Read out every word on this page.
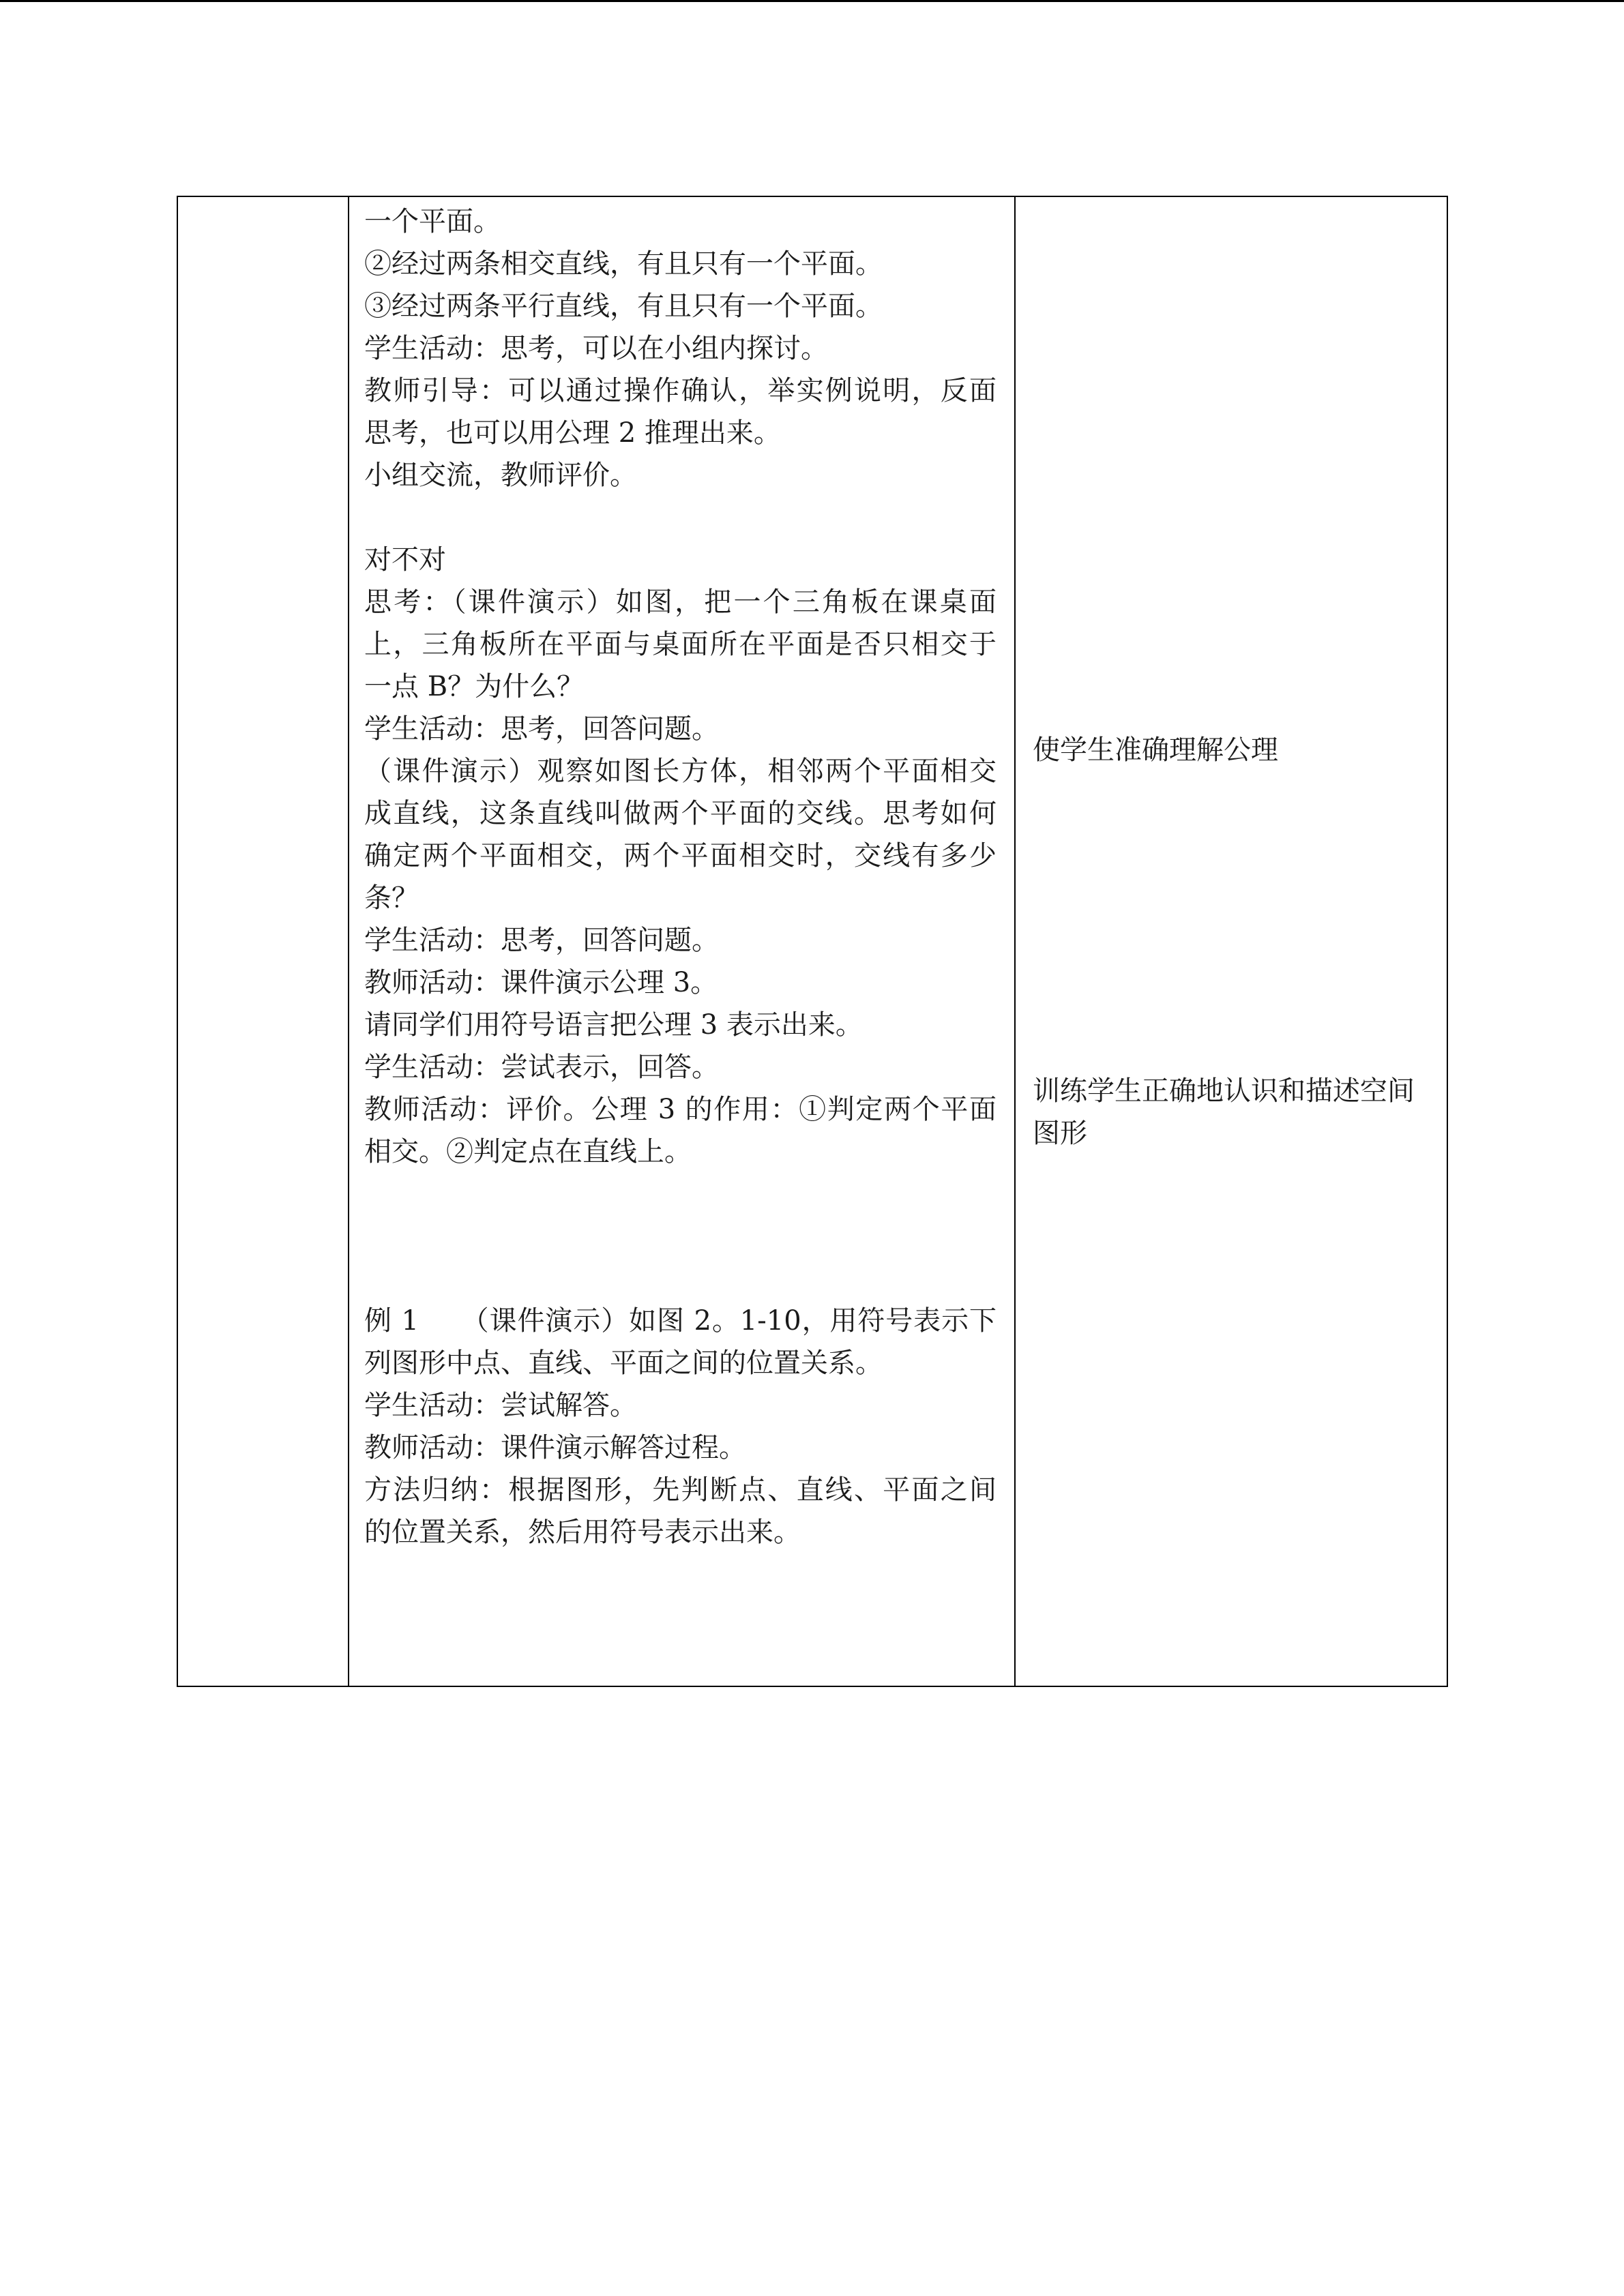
一个平面。
②经过两条相交直线，有且只有一个平面。
③经过两条平行直线，有且只有一个平面。
学生活动：思考，可以在小组内探讨。
教师引导：可以通过操作确认，举实例说明，反面
思考，也可以用公理 2 推理出来。
小组交流，教师评价。
对不对
思考：（课件演示）如图，把一个三角板在课桌面
上，三角板所在平面与桌面所在平面是否只相交于
一点 B？为什么？
学生活动：思考，回答问题。
（课件演示）观察如图长方体，相邻两个平面相交
成直线，这条直线叫做两个平面的交线。思考如何
确定两个平面相交，两个平面相交时，交线有多少
条？
学生活动：思考，回答问题。
教师活动：课件演示公理 3。
请同学们用符号语言把公理 3 表示出来。
学生活动：尝试表示，回答。
教师活动：评价。公理 3 的作用：①判定两个平面
相交。②判定点在直线上。
例 1　　（课件演示）如图 2。1-10，用符号表示下
列图形中点、直线、平面之间的位置关系。
学生活动：尝试解答。
教师活动：课件演示解答过程。
方法归纳：根据图形，先判断点、直线、平面之间
的位置关系，然后用符号表示出来。
使学生准确理解公理
训练学生正确地认识和描述空间
图形
